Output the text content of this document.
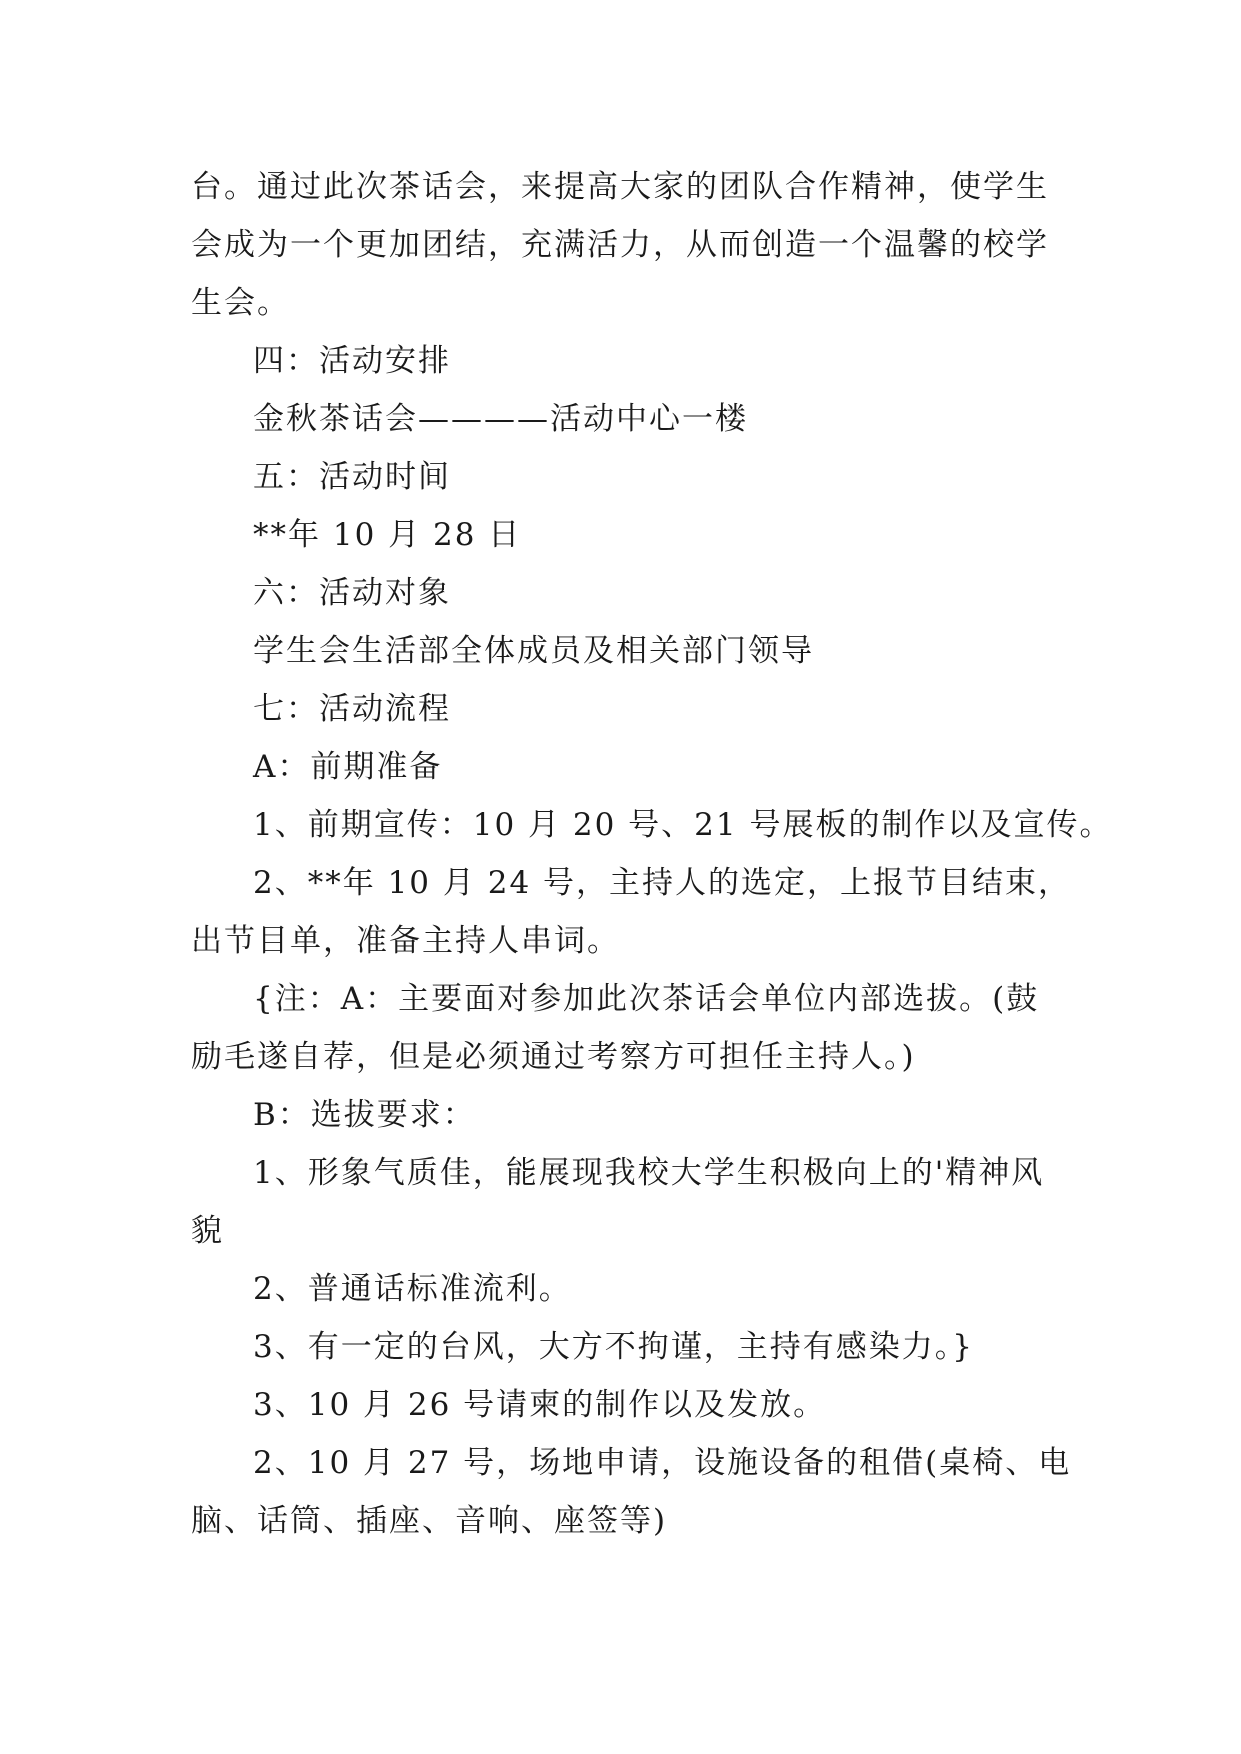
台。通过此次茶话会，来提高大家的团队合作精神，使学生
会成为一个更加团结，充满活力，从而创造一个温馨的校学
生会。
四：活动安排
金秋茶话会————活动中心一楼
五：活动时间
**年 10 月 28 日
六：活动对象
学生会生活部全体成员及相关部门领导
七：活动流程
A：前期准备
1、前期宣传：10 月 20 号、21 号展板的制作以及宣传。
2、**年 10 月 24 号，主持人的选定，上报节目结束，
出节目单，准备主持人串词。
{注：A：主要面对参加此次茶话会单位内部选拔。(鼓
励毛遂自荐，但是必须通过考察方可担任主持人。)
B：选拔要求：
1、形象气质佳，能展现我校大学生积极向上的'精神风
貌
2、普通话标准流利。
3、有一定的台风，大方不拘谨，主持有感染力。}
3、10 月 26 号请柬的制作以及发放。
2、10 月 27 号，场地申请，设施设备的租借(桌椅、电
脑、话筒、插座、音响、座签等)
